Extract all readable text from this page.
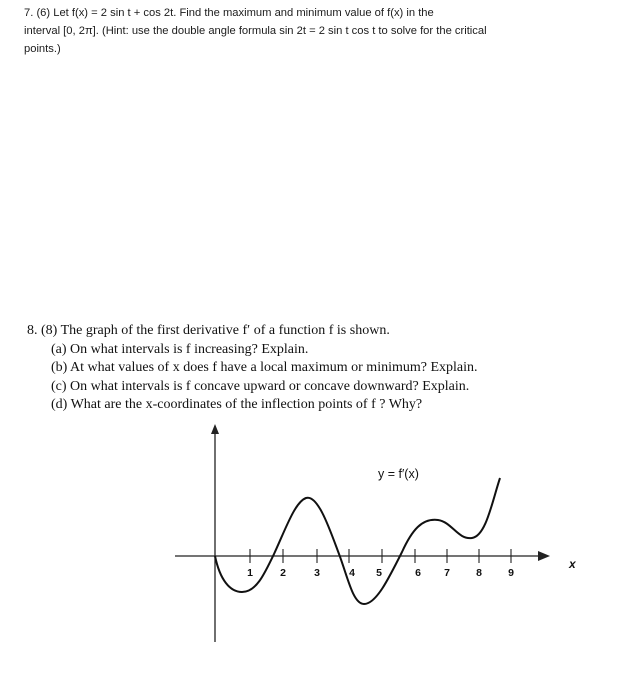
7. (6) Let f(x) = 2 sin t + cos 2t. Find the maximum and minimum value of f(x) in the
interval [0, 2π]. (Hint: use the double angle formula sin 2t = 2 sin t cos t to solve for the critical
points.)
8. (8) The graph of the first derivative f′ of a function f is shown.
(a) On what intervals is f increasing? Explain.
(b) At what values of x does f have a local maximum or minimum? Explain.
(c) On what intervals is f concave upward or concave downward? Explain.
(d) What are the x-coordinates of the inflection points of f ? Why?
1	2	3	4 5	6 7 8 9
x
y = f′(x)
